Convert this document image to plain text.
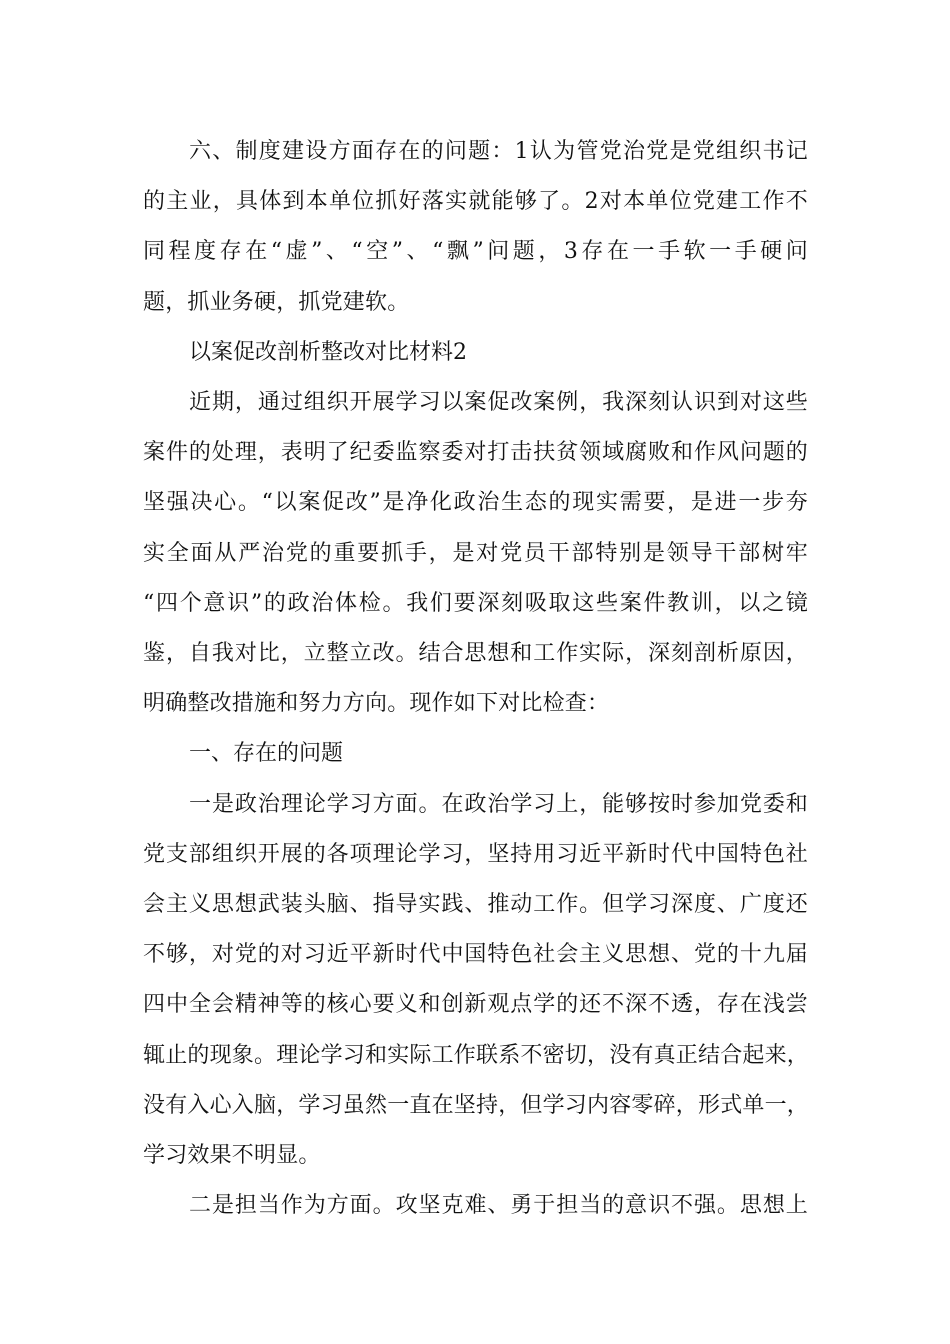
六、制度建设方面存在的问题：1认为管党治党是党组织书记
的主业，具体到本单位抓好落实就能够了。2对本单位党建工作不
同程度存在“虚”、“空”、“飘”问题，3存在一手软一手硬问
题，抓业务硬，抓党建软。

以案促改剖析整改对比材料2

近期，通过组织开展学习以案促改案例，我深刻认识到对这些
案件的处理，表明了纪委监察委对打击扶贫领域腐败和作风问题的
坚强决心。“以案促改”是净化政治生态的现实需要，是进一步夯
实全面从严治党的重要抓手，是对党员干部特别是领导干部树牢
“四个意识”的政治体检。我们要深刻吸取这些案件教训，以之镜
鉴，自我对比，立整立改。结合思想和工作实际，深刻剖析原因，
明确整改措施和努力方向。现作如下对比检查：

一、存在的问题

一是政治理论学习方面。在政治学习上，能够按时参加党委和
党支部组织开展的各项理论学习，坚持用习近平新时代中国特色社
会主义思想武装头脑、指导实践、推动工作。但学习深度、广度还
不够，对党的对习近平新时代中国特色社会主义思想、党的十九届
四中全会精神等的核心要义和创新观点学的还不深不透，存在浅尝
辄止的现象。理论学习和实际工作联系不密切，没有真正结合起来，
没有入心入脑，学习虽然一直在坚持，但学习内容零碎，形式单一，
学习效果不明显。

二是担当作为方面。攻坚克难、勇于担当的意识不强。思想上
